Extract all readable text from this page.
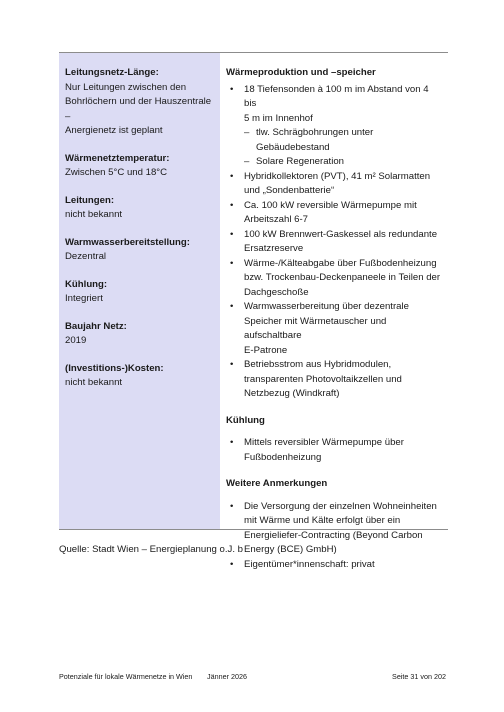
Leitungsnetz-Länge:
Nur Leitungen zwischen den
Bohrlöchern und der Hauszentrale –
Anergienetz ist geplant
Wärmenetztemperatur:
Zwischen 5°C und 18°C
Leitungen:
nicht bekannt
Warmwasserbereitstellung:
Dezentral
Kühlung:
Integriert
Baujahr Netz:
2019
(Investitions-)Kosten:
nicht bekannt
Wärmeproduktion und –speicher
• 18 Tiefensonden à 100 m im Abstand von 4 bis
5 m im Innenhof
– tlw. Schrägbohrungen unter
Gebäudebestand
– Solare Regeneration
• Hybridkollektoren (PVT), 41 m² Solarmatten
und „Sondenbatterie“
• Ca. 100 kW reversible Wärmepumpe mit
Arbeitszahl 6-7
• 100 kW Brennwert-Gaskessel als redundante
Ersatzreserve
• Wärme-/Kälteabgabe über Fußbodenheizung
bzw. Trockenbau-Deckenpaneele in Teilen der
Dachgeschoße
• Warmwasserbereitung über dezentrale
Speicher mit Wärmetauscher und aufschaltbare
E-Patrone
• Betriebsstrom aus Hybridmodulen,
transparenten Photovoltaikzellen und
Netzbezug (Windkraft)
Kühlung
• Mittels reversibler Wärmepumpe über
Fußbodenheizung
Weitere Anmerkungen
• Die Versorgung der einzelnen Wohneinheiten
mit Wärme und Kälte erfolgt über ein
Energieliefer-Contracting (Beyond Carbon
Energy (BCE) GmbH)
• Eigentümer*innenschaft: privat
Quelle: Stadt Wien – Energieplanung o.J. b
Potenziale für lokale Wärmenetze in Wien Jänner 2026	Seite 31 von 202
